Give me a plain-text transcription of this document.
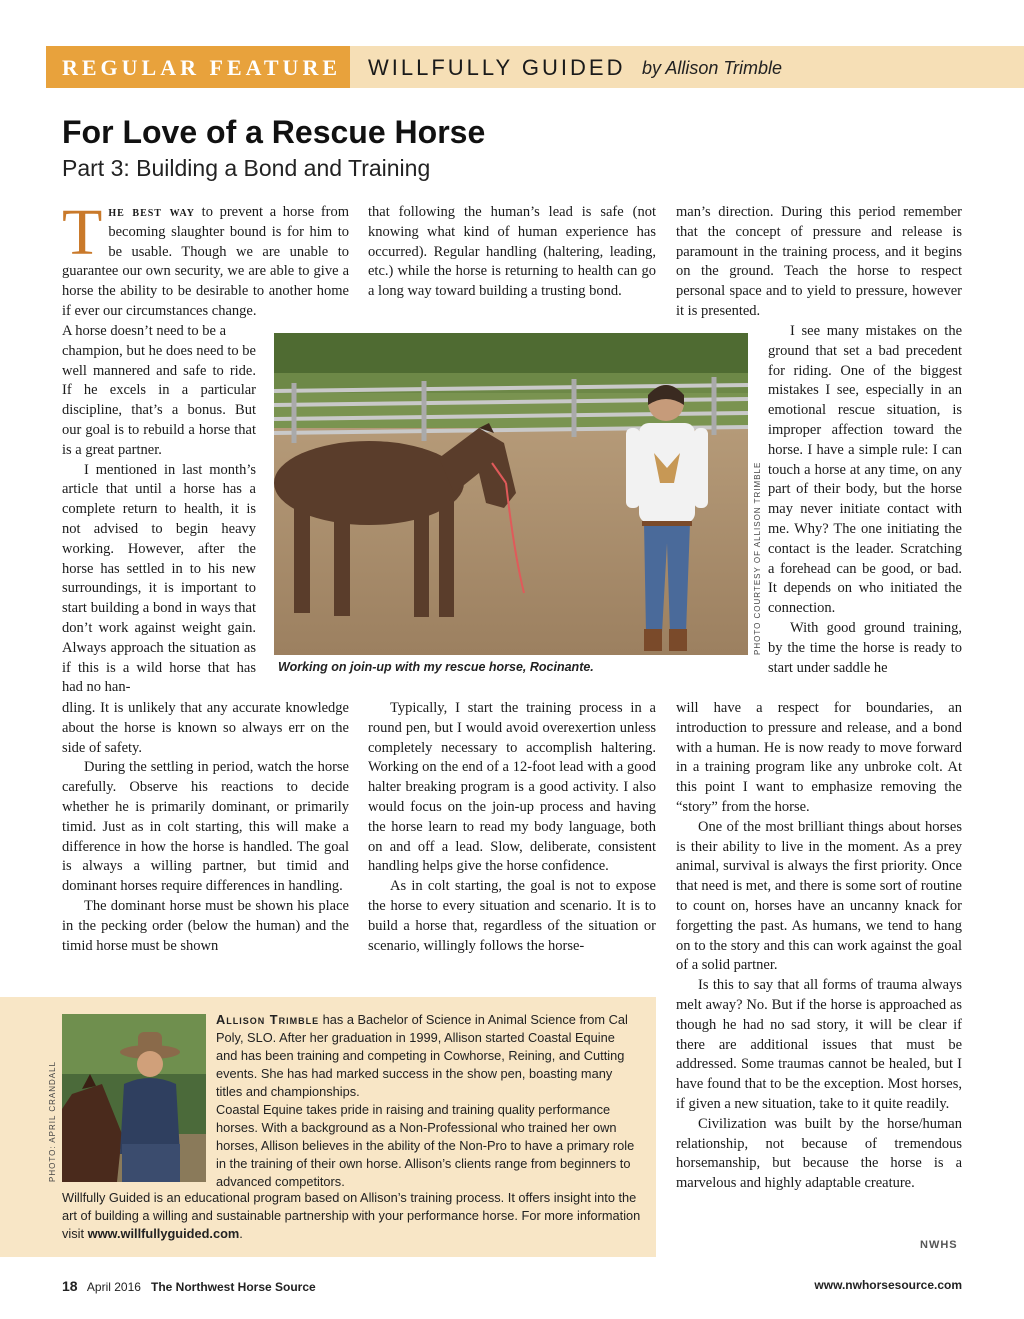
REGULAR FEATURE WILLFULLY GUIDED by Allison Trimble
For Love of a Rescue Horse
Part 3: Building a Bond and Training

The best way to prevent a horse from becoming slaughter bound is for him to be usable. Though we are unable to guarantee our own security, we are able to give a horse the ability to be desirable to another home if ever our circumstances change.

A horse doesn’t need to be a

champion, but he does need to be well mannered and safe to ride. If he excels in a particular discipline, that’s a bonus. But our goal is to rebuild a horse that is a great partner.

I mentioned in last month’s article that until a horse has a complete return to health, it is not advised to begin heavy working. However, after the horse has settled in to his new surroundings, it is important to start building a bond in ways that don’t work against weight gain. Always approach the situation as if this is a wild horse that has had no han-

dling. It is unlikely that any accurate knowledge about the horse is known so always err on the side of safety.

During the settling in period, watch the horse carefully. Observe his reactions to decide whether he is primarily dominant, or primarily timid. Just as in colt starting, this will make a difference in how the horse is handled. The goal is always a willing partner, but timid and dominant horses require differences in handling.

The dominant horse must be shown his place in the pecking order (below the human) and the timid horse must be shown

that following the human’s lead is safe (not knowing what kind of human experience has occurred). Regular handling (haltering, leading, etc.) while the horse is returning to health can go a long way toward building a trusting bond.

PHOTO COURTESY OF ALLISON TRIMBLE
Working on join-up with my rescue horse, Rocinante.

Typically, I start the training process in a round pen, but I would avoid overexertion unless completely necessary to accomplish haltering. Working on the end of a 12-foot lead with a good halter breaking program is a good activity. I also would focus on the join-up process and having the horse learn to read my body language, both on and off a lead. Slow, deliberate, consistent handling helps give the horse confidence.

As in colt starting, the goal is not to expose the horse to every situation and scenario. It is to build a horse that, regardless of the situation or scenario, willingly follows the horse-

man’s direction. During this period remember that the concept of pressure and release is paramount in the training process, and it begins on the ground. Teach the horse to respect personal space and to yield to pressure, however it is presented.

I see many mistakes on the ground that set a bad precedent for riding. One of the biggest mistakes I see, especially in an emotional rescue situation, is improper affection toward the horse. I have a simple rule: I can touch a horse at any time, on any part of their body, but the horse may never initiate contact with me. Why? The one initiating the contact is the leader. Scratching a forehead can be good, or bad. It depends on who initiated the connection.

With good ground training, by the time the horse is ready to start under saddle he

will have a respect for boundaries, an introduction to pressure and release, and a bond with a human. He is now ready to move forward in a training program like any unbroke colt. At this point I want to emphasize removing the “story” from the horse.

One of the most brilliant things about horses is their ability to live in the moment. As a prey animal, survival is always the first priority. Once that need is met, and there is some sort of routine to count on, horses have an uncanny knack for forgetting the past. As humans, we tend to hang on to the story and this can work against the goal of a solid partner.

Is this to say that all forms of trauma always melt away? No. But if the horse is approached as though he had no sad story, it will be clear if there are additional issues that must be addressed. Some traumas cannot be healed, but I have found that to be the exception. Most horses, if given a new situation, take to it quite readily.

Civilization was built by the horse/human relationship, not because of tremendous horsemanship, but because the horse is a marvelous and highly adaptable creature.

NWHS
PHOTO: APRIL CRANDALL

Allison Trimble has a Bachelor of Science in Animal Science from Cal Poly, SLO. After her graduation in 1999, Allison started Coastal Equine and has been training and competing in Cowhorse, Reining, and Cutting events. She has had marked success in the show pen, boasting many titles and championships.

Coastal Equine takes pride in raising and training quality performance horses. With a background as a Non-Professional who trained her own horses, Allison believes in the ability of the Non-Pro to have a primary role in the training of their own horse. Allison’s clients range from beginners to advanced competitors.

Willfully Guided is an educational program based on Allison’s training process. It offers insight into the art of building a willing and sustainable partnership with your performance horse. For more information visit www.willfullyguided.com.

18 April 2016 The Northwest Horse Source	www.nwhorsesource.com
